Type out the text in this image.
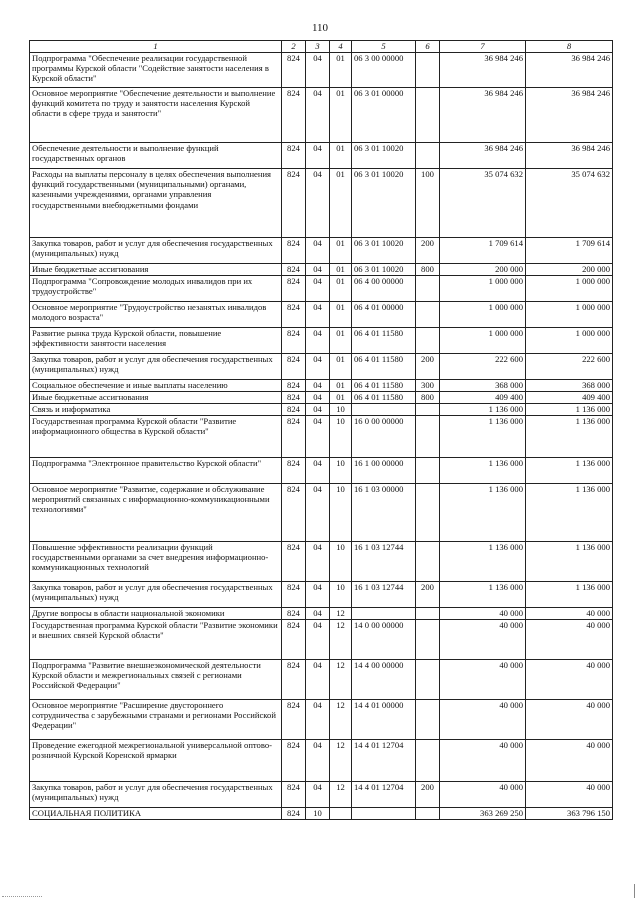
110
1	2	3	4	5	6	7	8
Подпрограмма "Обеспечение реализации государственной программы Курской области "Содействие занятости населения в Курской области"	824	04	01	06 3 00 00000		36 984 246	36 984 246
Основное мероприятие "Обеспечение деятельности и выполнение функций комитета по труду и занятости населения Курской области в сфере труда и занятости"	824	04	01	06 3 01 00000		36 984 246	36 984 246
Обеспечение деятельности и выполнение функций государственных органов	824	04	01	06 3 01 10020		36 984 246	36 984 246
Расходы на выплаты персоналу в целях обеспечения выполнения функций государственными (муниципальными) органами, казенными учреждениями, органами управления государственными внебюджетными фондами	824	04	01	06 3 01 10020	100	35 074 632	35 074 632
Закупка товаров, работ и услуг для обеспечения государственных (муниципальных) нужд	824	04	01	06 3 01 10020	200	1 709 614	1 709 614
Иные бюджетные ассигнования	824	04	01	06 3 01 10020	800	200 000	200 000
Подпрограмма "Сопровождение молодых инвалидов при их трудоустройстве"	824	04	01	06 4 00 00000		1 000 000	1 000 000
Основное мероприятие "Трудоустройство незанятых инвалидов молодого возраста"	824	04	01	06 4 01 00000		1 000 000	1 000 000
Развитие рынка труда Курской области, повышение эффективности занятости населения	824	04	01	06 4 01 11580		1 000 000	1 000 000
Закупка товаров, работ и услуг для обеспечения государственных (муниципальных) нужд	824	04	01	06 4 01 11580	200	222 600	222 600
Социальное обеспечение и иные выплаты населению	824	04	01	06 4 01 11580	300	368 000	368 000
Иные бюджетные ассигнования	824	04	01	06 4 01 11580	800	409 400	409 400
Связь и информатика	824	04	10			1 136 000	1 136 000
Государственная программа Курской области "Развитие информационного общества в Курской области"	824	04	10	16 0 00 00000		1 136 000	1 136 000
Подпрограмма "Электронное правительство Курской области"	824	04	10	16 1 00 00000		1 136 000	1 136 000
Основное мероприятие "Развитие, содержание и обслуживание мероприятий связанных с информационно-коммуникационными технологиями"	824	04	10	16 1 03 00000		1 136 000	1 136 000
Повышение эффективности реализации функций государственными органами за счет внедрения информационно-коммуникационных технологий	824	04	10	16 1 03 12744		1 136 000	1 136 000
Закупка товаров, работ и услуг для обеспечения государственных (муниципальных) нужд	824	04	10	16 1 03 12744	200	1 136 000	1 136 000
Другие вопросы в области национальной экономики	824	04	12			40 000	40 000
Государственная программа Курской области "Развитие экономики и внешних связей Курской области"	824	04	12	14 0 00 00000		40 000	40 000
Подпрограмма "Развитие внешнеэкономической деятельности Курской области и межрегиональных связей с регионами Российской Федерации"	824	04	12	14 4 00 00000		40 000	40 000
Основное мероприятие "Расширение двустороннего сотрудничества с зарубежными странами и регионами Российской Федерации"	824	04	12	14 4 01 00000		40 000	40 000
Проведение ежегодной межрегиональной универсальной оптово-розничной Курской Коренской ярмарки	824	04	12	14 4 01 12704		40 000	40 000
Закупка товаров, работ и услуг для обеспечения государственных (муниципальных) нужд	824	04	12	14 4 01 12704	200	40 000	40 000
СОЦИАЛЬНАЯ ПОЛИТИКА	824	10				363 269 250	363 796 150
